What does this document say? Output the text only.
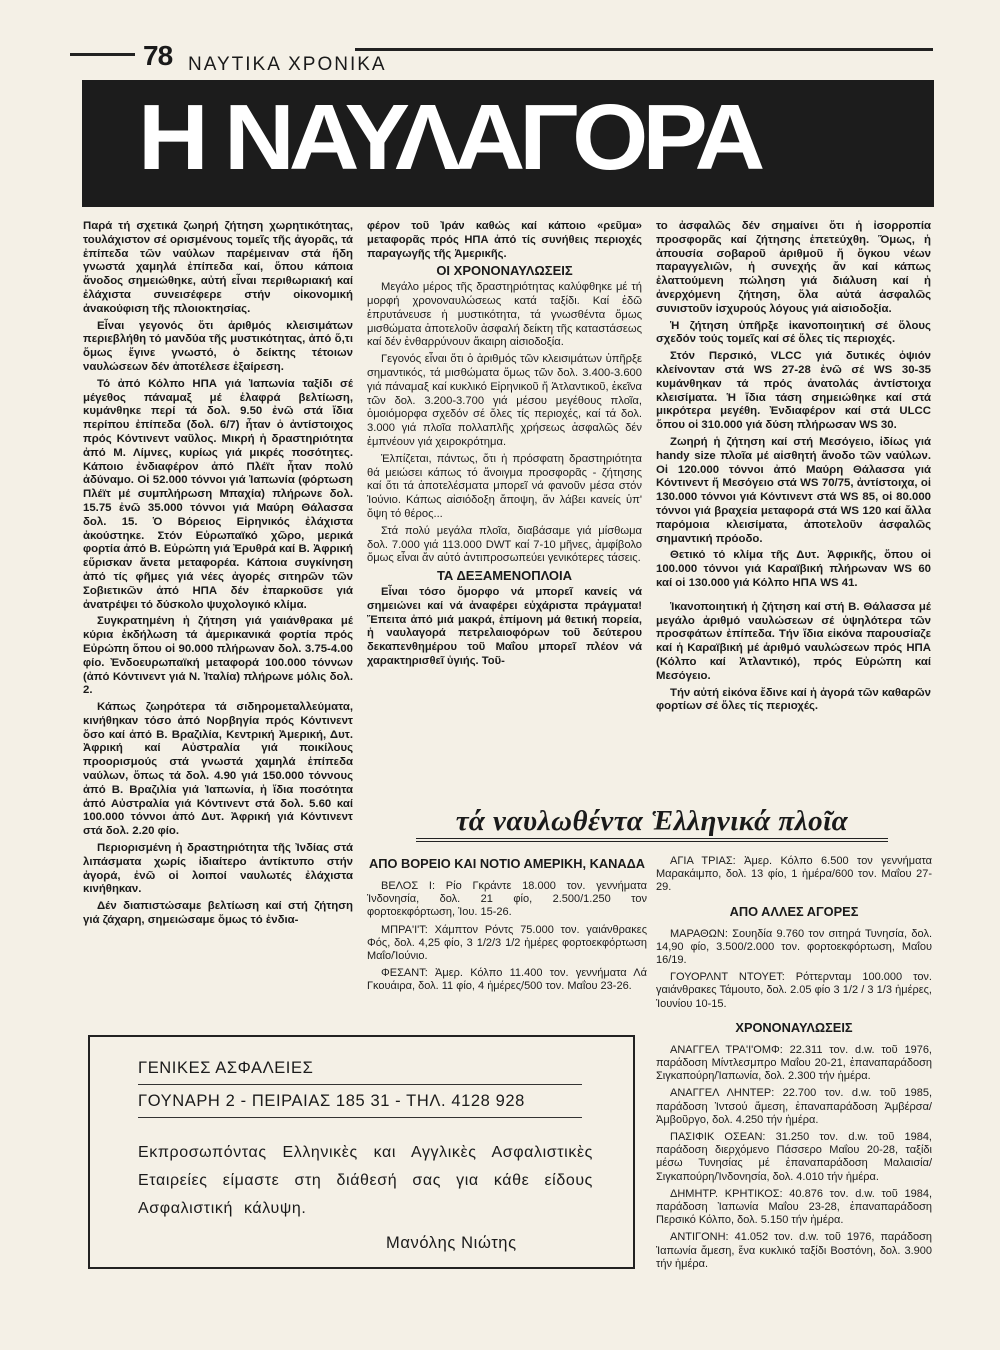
78 ΝΑΥΤΙΚΑ ΧΡΟΝΙΚΑ
Η ΝΑΥΛΑΓΟΡΑ

Παρά τή σχετικά ζωηρή ζήτηση χωρητικότητας, τουλάχιστον σέ ορισμένους τομεῖς τῆς ἀγορᾶς, τά ἐπίπεδα τῶν ναύλων παρέμειναν στά ἤδη γνωστά χαμηλά ἐπίπεδα καί, ὅπου κάποια ἄνοδος σημειώθηκε, αὐτή εἶναι περιθωριακή καί ἐλάχιστα συνεισέφερε στήν οἰκονομική ἀνακούφιση τῆς πλοιοκτησίας.

Εἶναι γεγονός ὅτι ἀριθμός κλεισιμάτων περιεβλήθη τό μανδύα τῆς μυστικότητας, ἀπό ὅ,τι ὅμως ἔγινε γνωστό, ὁ δείκτης τέτοιων ναυλώσεων δέν ἀποτέλεσε ἐξαίρεση.

Τό ἀπό Κόλπο ΗΠΑ γιά Ἰαπωνία ταξίδι σέ μέγεθος πάναμαξ μέ ἐλαφρά βελτίωση, κυμάνθηκε περί τά δολ. 9.50 ἐνῶ στά ἴδια περίπου ἐπίπεδα (δολ. 6/7) ἦταν ὁ ἀντίστοιχος πρός Κόντινεντ ναῦλος. Μικρή ἡ δραστηριότητα ἀπό Μ. Λίμνες, κυρίως γιά μικρές ποσότητες. Κάποιο ἐνδιαφέρον ἀπό Πλέϊτ ἦταν πολύ ἀδύναμο. Οἱ 52.000 τόννοι γιά Ἰαπωνία (φόρτωση Πλέϊτ μέ συμπλήρωση Μπαχία) πλήρωνε δολ. 15.75 ἐνῶ 35.000 τόννοι γιά Μαύρη Θάλασσα δολ. 15. Ὁ Βόρειος Εἰρηνικός ἐλάχιστα ἀκούστηκε. Στόν Εὐρωπαϊκό χῶρο, μερικά φορτία ἀπό Β. Εὐρώπη γιά Ἐρυθρά καί Β. Ἀφρική εὕρισκαν ἄνετα μεταφορέα. Κάποια συγκίνηση ἀπό τίς φῆμες γιά νέες ἀγορές σιτηρῶν τῶν Σοβιετικῶν ἀπό ΗΠΑ δέν ἐπαρκοῦσε γιά ἀνατρέψει τό δύσκολο ψυχολογικό κλίμα.

Συγκρατημένη ἡ ζήτηση γιά γαιάνθρακα μέ κύρια ἐκδήλωση τά ἀμερικανικά φορτία πρός Εὐρώπη ὅπου οἱ 90.000 πλήρωναν δολ. 3.75-4.00 φίο. Ἐνδοευρωπαϊκή μεταφορά 100.000 τόννων (ἀπό Κόντινεντ γιά Ν. Ἰταλία) πλήρωνε μόλις δολ. 2.

Κάπως ζωηρότερα τά σιδηρομεταλλεύματα, κινήθηκαν τόσο ἀπό Νορβηγία πρός Κόντινεντ ὅσο καί ἀπό Β. Βραζιλία, Κεντρική Ἀμερική, Δυτ. Ἀφρική καί Αὐστραλία γιά ποικίλους προορισμούς στά γνωστά χαμηλά ἐπίπεδα ναύλων, ὅπως τά δολ. 4.90 γιά 150.000 τόννους ἀπό Β. Βραζιλία γιά Ἰαπωνία, ἡ ἴδια ποσότητα ἀπό Αὐστραλία γιά Κόντινεντ στά δολ. 5.60 καί 100.000 τόννοι ἀπό Δυτ. Ἀφρική γιά Κόντινεντ στά δολ. 2.20 φίο.

Περιορισμένη ἡ δραστηριότητα τῆς Ἰνδίας στά λιπάσματα χωρίς ἰδιαίτερο ἀντίκτυπο στήν ἀγορά, ἐνῶ οἱ λοιποί ναυλωτές ἐλάχιστα κινήθηκαν.

Δέν διαπιστώσαμε βελτίωση καί στή ζήτηση γιά ζάχαρη, σημειώσαμε ὅμως τό ἐνδια-

φέρον τοῦ Ἰράν καθώς καί κάποιο «ρεῦμα» μεταφορᾶς πρός ΗΠΑ ἀπό τίς συνήθεις περιοχές παραγωγῆς τῆς Ἀμερικῆς.

ΟΙ ΧΡΟΝΟΝΑΥΛΩΣΕΙΣ

Μεγάλο μέρος τῆς δραστηριότητας καλύφθηκε μέ τή μορφή χρονοναυλώσεως κατά ταξίδι. Καί ἐδῶ ἐπρυτάνευσε ἡ μυστικότητα, τά γνωσθέντα ὅμως μισθώματα ἀποτελοῦν ἀσφαλή δείκτη τῆς καταστάσεως καί δέν ἐνθαρρύνουν ἄκαιρη αἰσιοδοξία.

Γεγονός εἶναι ὅτι ὁ ἀριθμός τῶν κλεισιμάτων ὑπῆρξε σημαντικός, τά μισθώματα ὅμως τῶν δολ. 3.400-3.600 γιά πάναμαξ καί κυκλικό Εἰρηνικοῦ ἤ Ἀτλαντικοῦ, ἐκεῖνα τῶν δολ. 3.200-3.700 γιά μέσου μεγέθους πλοῖα, ὁμοιόμορφα σχεδόν σέ ὅλες τίς περιοχές, καί τά δολ. 3.000 γιά πλοῖα πολλαπλῆς χρήσεως ἀσφαλῶς δέν ἐμπνέουν γιά χειροκρότημα.

Ἐλπίζεται, πάντως, ὅτι ἡ πρόσφατη δραστηριότητα θά μειώσει κάπως τό ἄνοιγμα προσφορᾶς - ζήτησης καί ὅτι τά ἀποτελέσματα μπορεῖ νά φανοῦν μέσα στόν Ἰούνιο. Κάπως αἰσιόδοξη ἄποψη, ἄν λάβει κανείς ὑπ' ὄψη τό θέρος...

Στά πολύ μεγάλα πλοῖα, διαβάσαμε γιά μίσθωμα δολ. 7.000 γιά 113.000 DWT καί 7-10 μῆνες, ἀμφίβολο ὅμως εἶναι ἄν αὐτό ἀντιπροσωπεύει γενικότερες τάσεις.

ΤΑ ΔΕΞΑΜΕΝΟΠΛΟΙΑ

Εἶναι τόσο ὄμορφο νά μπορεῖ κανείς νά σημειώνει καί νά ἀναφέρει εὐχάριστα πράγματα! Ἔπειτα ἀπό μιά μακρά, ἐπίμονη μά θετική πορεία, ἡ ναυλαγορά πετρελαιοφόρων τοῦ δεύτερου δεκαπενθημέρου τοῦ Μαΐου μπορεῖ πλέον νά χαρακτηρισθεῖ ὑγιής. Τοῦ-

το ἀσφαλῶς δέν σημαίνει ὅτι ἡ ἰσορροπία προσφορᾶς καί ζήτησης ἐπετεύχθη. Ὅμως, ἡ ἀπουσία σοβαροῦ ἀριθμοῦ ἤ ὄγκου νέων παραγγελιῶν, ἡ συνεχής ἄν καί κάπως ἐλαττούμενη πώληση γιά διάλυση καί ἡ ἀνερχόμενη ζήτηση, ὅλα αὐτά ἀσφαλῶς συνιστοῦν ἰσχυρούς λόγους γιά αἰσιοδοξία.

Ἡ ζήτηση ὑπῆρξε ἱκανοποιητική σέ ὅλους σχεδόν τούς τομεῖς καί σέ ὅλες τίς περιοχές.

Στόν Περσικό, VLCC γιά δυτικές ὀψιόν κλείνονταν στά WS 27-28 ἐνῶ σέ WS 30-35 κυμάνθηκαν τά πρός ἀνατολάς ἀντίστοιχα κλεισίματα. Ἡ ἴδια τάση σημειώθηκε καί στά μικρότερα μεγέθη. Ἐνδιαφέρον καί στά ULCC ὅπου οἱ 310.000 γιά δύση πλήρωσαν WS 30.

Ζωηρή ἡ ζήτηση καί στή Μεσόγειο, ἰδίως γιά handy size πλοῖα μέ αἰσθητή ἄνοδο τῶν ναύλων. Οἱ 120.000 τόννοι ἀπό Μαύρη Θάλασσα γιά Κόντινεντ ἤ Μεσόγειο στά WS 70/75, ἀντίστοιχα, οἱ 130.000 τόννοι γιά Κόντινεντ στά WS 85, οἱ 80.000 τόννοι γιά βραχεία μεταφορά στά WS 120 καί ἄλλα παρόμοια κλεισίματα, ἀποτελοῦν ἀσφαλῶς σημαντική πρόοδο.

Θετικό τό κλίμα τῆς Δυτ. Ἀφρικῆς, ὅπου οἱ 100.000 τόννοι γιά Καραϊβική πλήρωναν WS 60 καί οἱ 130.000 γιά Κόλπο ΗΠΑ WS 41.

Ἱκανοποιητική ἡ ζήτηση καί στή Β. Θάλασσα μέ μεγάλο ἀριθμό ναυλώσεων σέ ὑψηλότερα τῶν προσφάτων ἐπίπεδα. Τήν ἴδια εἰκόνα παρουσίαζε καί ἡ Καραϊβική μέ ἀριθμό ναυλώσεων πρός ΗΠΑ (Κόλπο καί Ἀτλαντικό), πρός Εὐρώπη καί Μεσόγειο.

Τήν αὐτή εἰκόνα ἔδινε καί ἡ ἀγορά τῶν καθαρῶν φορτίων σέ ὅλες τίς περιοχές.

τά ναυλωθέντα Ἑλληνικά πλοῖα
ΑΠΟ ΒΟΡΕΙΟ ΚΑΙ ΝΟΤΙΟ ΑΜΕΡΙΚΗ, ΚΑΝΑΔΑ

ΒΕΛΟΣ Ι: Ρίο Γκράντε 18.000 τον. γεννήματα Ἰνδονησία, δολ. 21 φίο, 2.500/1.250 τον φορτοεκφόρτωση, Ἰου. 15-26.

ΜΠΡΑ'Ι'Τ: Χάμπτον Ρόντς 75.000 τον. γαιάνθρακες Φός, δολ. 4,25 φίο, 3 1/2/3 1/2 ἡμέρες φορτοεκφόρτωση Μαΐο/Ἰούνιο.

ΦΕΣΑΝΤ: Ἀμερ. Κόλπο 11.400 τον. γεννήματα Λά Γκουάιρα, δολ. 11 φίο, 4 ἡμέρες/500 τον. Μαΐου 23-26.

ΑΓΙΑ ΤΡΙΑΣ: Ἀμερ. Κόλπο 6.500 τον γεννήματα Μαρακάιμπο, δολ. 13 φίο, 1 ἡμέρα/600 τον. Μαΐου 27-29.

ΑΠΟ ΑΛΛΕΣ ΑΓΟΡΕΣ

ΜΑΡΑΘΩΝ: Σουηδία 9.760 τον σιτηρά Τυνησία, δολ. 14,90 φίο, 3.500/2.000 τον. φορτοεκφόρτωση, Μαΐου 16/19.

ΓΟΥΟΡΛΝΤ ΝΤΟΥΕΤ: Ρόττερνταμ 100.000 τον. γαιάνθρακες Τάμουτο, δολ. 2.05 φίο 3 1/2 / 3 1/3 ἡμέρες, Ἰουνίου 10-15.

ΧΡΟΝΟΝΑΥΛΩΣΕΙΣ

ΑΝΑΓΓΕΛ ΤΡΑ'Ι'ΟΜΦ: 22.311 τον. d.w. τοῦ 1976, παράδοση Μίντλεσμπρο Μαΐου 20-21, ἐπαναπαράδοση Σιγκαπούρη/Ἰαπωνία, δολ. 2.300 τήν ἡμέρα.

ΑΝΑΓΓΕΛ ΛΗΝΤΕΡ: 22.700 τον. d.w. τοῦ 1985, παράδοση Ἰντσού ἄμεση, ἐπαναπαράδοση Ἀμβέρσα/Ἀμβοῦργο, δολ. 4.250 τήν ἡμέρα.

ΠΑΣΙΦΙΚ ΟΣΕΑΝ: 31.250 τον. d.w. τοῦ 1984, παράδοση διερχόμενο Πάσσερο Μαΐου 20-28, ταξίδι μέσω Τυνησίας μέ ἐπαναπαράδοση Μαλαισία/Σιγκαπούρη/Ἰνδονησία, δολ. 4.010 τήν ἡμέρα.

ΔΗΜΗΤΡ. ΚΡΗΤΙΚΟΣ: 40.876 τον. d.w. τοῦ 1984, παράδοση Ἰαπωνία Μαΐου 23-28, ἐπαναπαράδοση Περσικό Κόλπο, δολ. 5.150 τήν ἡμέρα.

ΑΝΤΙΓΟΝΗ: 41.052 τον. d.w. τοῦ 1976, παράδοση Ἰαπωνία ἄμεση, ἕνα κυκλικό ταξίδι Βοστόνη, δολ. 3.900 τήν ἡμέρα.

ΓΕΝΙΚΕΣ ΑΣΦΑΛΕΙΕΣ
ΓΟΥΝΑΡΗ 2 - ΠΕΙΡΑΙΑΣ 185 31 - ΤΗΛ. 4128 928
Εκπροσωπόντας Ελληνικὲς και Αγγλικὲς Ασφαλιστικὲς Εταιρείες είμαστε στη διάθεσή σας για κάθε είδους Ασφαλιστική κάλυψη.
Μανόλης Νιώτης
